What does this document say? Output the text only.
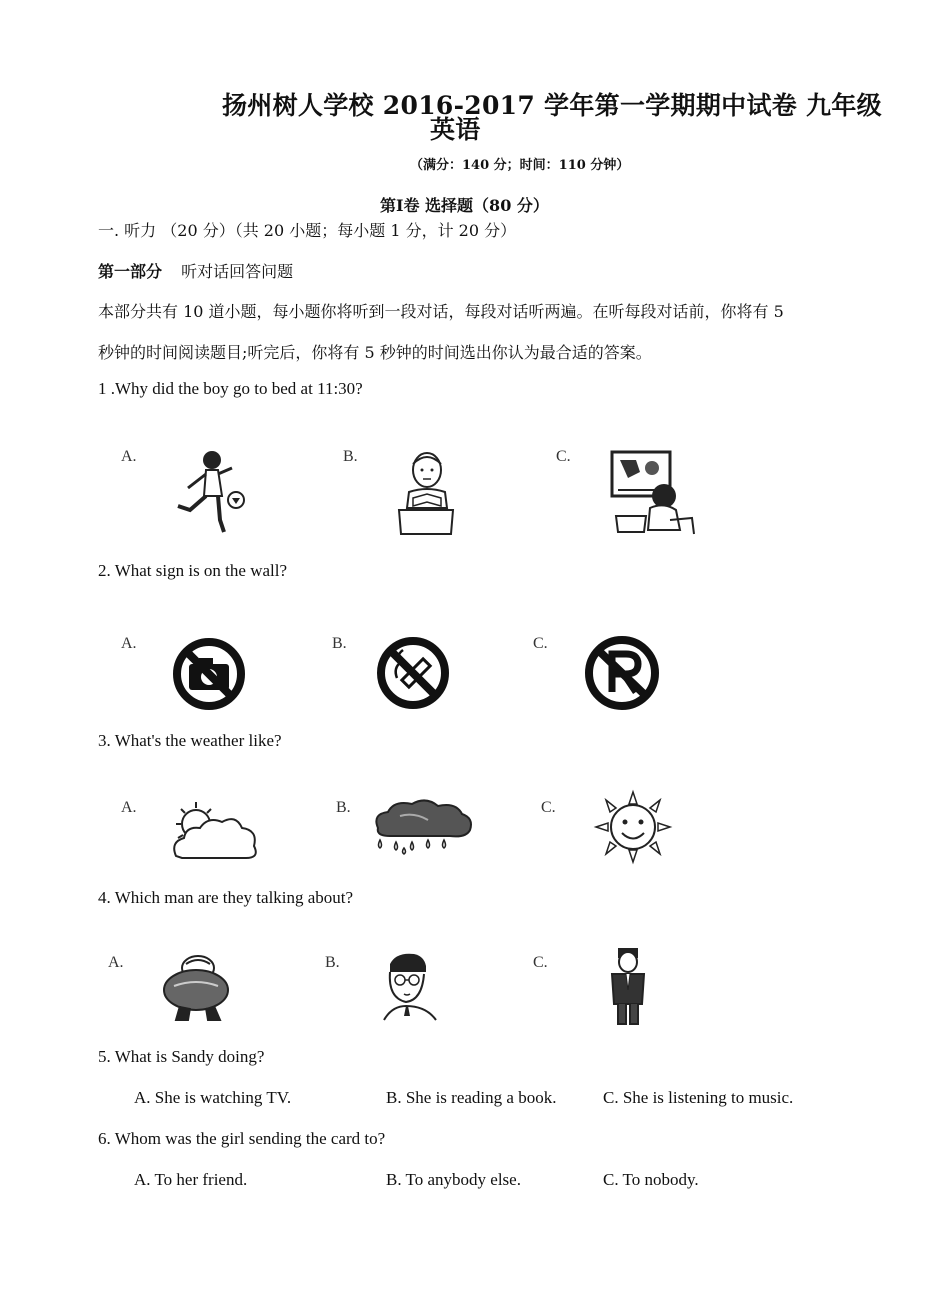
扬州树人学校 2016-2017 学年第一学期期中试卷 九年级
英语
（满分：140 分；时间：110 分钟）
第Ⅰ卷 选择题（80 分）
一. 听力 （20 分）（共 20 小题；每小题 1 分，计 20 分）
第一部分 听对话回答问题
本部分共有 10 道小题，每小题你将听到一段对话，每段对话听两遍。在听每段对话前，你将有 5
秒钟的时间阅读题目;听完后，你将有 5 秒钟的时间选出你认为最合适的答案。
1 .Why did the boy go to bed at 11:30?
A.	B.	C.
2. What sign is on the wall?
A.	B.	C.
3. What's the weather like?
A.	B.	C.
4. Which man are they talking about?
A.	B.	C.
5. What is Sandy doing?
A. She is watching TV.	B. She is reading a book.	C. She is listening to music.
6. Whom was the girl sending the card to?
A. To her friend.	B. To anybody else.	C. To nobody.
